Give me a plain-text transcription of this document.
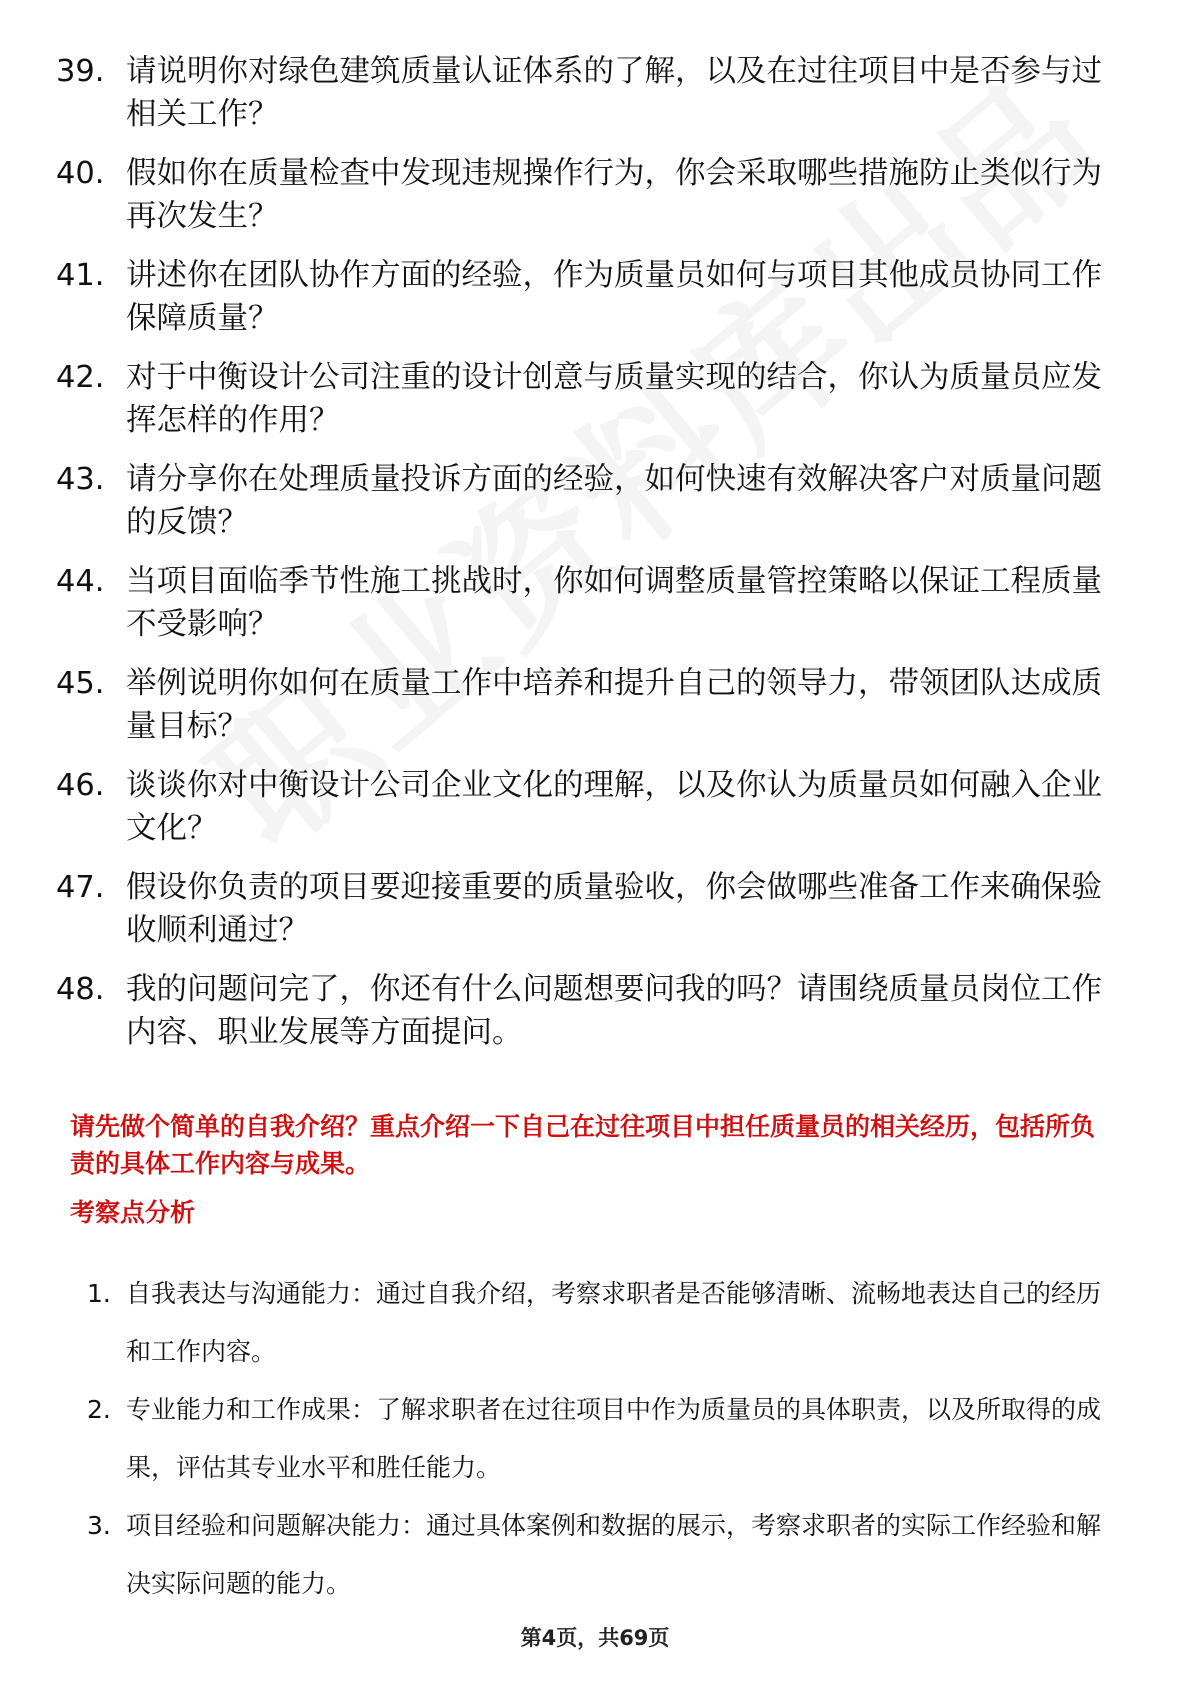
39. 请说明你对绿色建筑质量认证体系的了解，以及在过往项目中是否参与过相关工作？
40. 假如你在质量检查中发现违规操作行为，你会采取哪些措施防止类似行为再次发生？
41. 讲述你在团队协作方面的经验，作为质量员如何与项目其他成员协同工作保障质量？
42. 对于中衡设计公司注重的设计创意与质量实现的结合，你认为质量员应发挥怎样的作用？
43. 请分享你在处理质量投诉方面的经验，如何快速有效解决客户对质量问题的反馈？
44. 当项目面临季节性施工挑战时，你如何调整质量管控策略以保证工程质量不受影响？
45. 举例说明你如何在质量工作中培养和提升自己的领导力，带领团队达成质量目标？
46. 谈谈你对中衡设计公司企业文化的理解，以及你认为质量员如何融入企业文化？
47. 假设你负责的项目要迎接重要的质量验收，你会做哪些准备工作来确保验收顺利通过？
48. 我的问题问完了，你还有什么问题想要问我的吗？请围绕质量员岗位工作内容、职业发展等方面提问。
请先做个简单的自我介绍？重点介绍一下自己在过往项目中担任质量员的相关经历，包括所负责的具体工作内容与成果。
考察点分析
1. 自我表达与沟通能力：通过自我介绍，考察求职者是否能够清晰、流畅地表达自己的经历和工作内容。
2. 专业能力和工作成果：了解求职者在过往项目中作为质量员的具体职责，以及所取得的成果，评估其专业水平和胜任能力。
3. 项目经验和问题解决能力：通过具体案例和数据的展示，考察求职者的实际工作经验和解决实际问题的能力。
第4页，共69页
